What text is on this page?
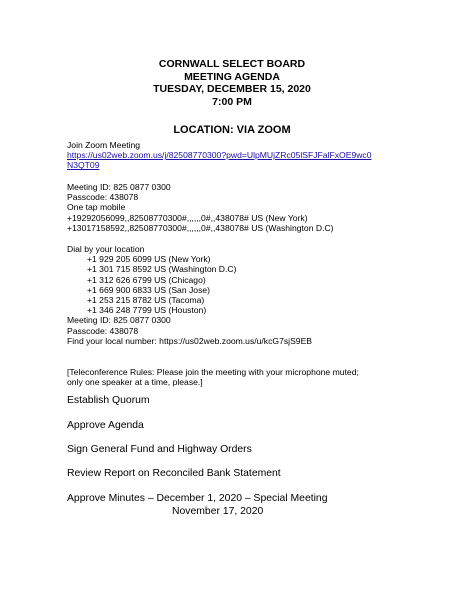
CORNWALL SELECT BOARD
MEETING AGENDA
TUESDAY, DECEMBER 15, 2020
7:00 PM
LOCATION: VIA ZOOM
Join Zoom Meeting
https://us02web.zoom.us/j/82508770300?pwd=UlpMUjZRc05lSFJFalFxOE9wc0
N3QT09
Meeting ID: 825 0877 0300
Passcode: 438078
One tap mobile
+19292056099,,82508770300#,,,,,,0#,,438078# US (New York)
+13017158592,,82508770300#,,,,,,0#,,438078# US (Washington D.C)
Dial by your location
+1 929 205 6099 US (New York)
+1 301 715 8592 US (Washington D.C)
+1 312 626 6799 US (Chicago)
+1 669 900 6833 US (San Jose)
+1 253 215 8782 US (Tacoma)
+1 346 248 7799 US (Houston)
Meeting ID: 825 0877 0300
Passcode: 438078
Find your local number: https://us02web.zoom.us/u/kcG7sjS9EB
[Teleconference Rules: Please join the meeting with your microphone muted;
only one speaker at a time, please.]
Establish Quorum
Approve Agenda
Sign General Fund and Highway Orders
Review Report on Reconciled Bank Statement
Approve Minutes – December 1, 2020 – Special Meeting
November 17, 2020
